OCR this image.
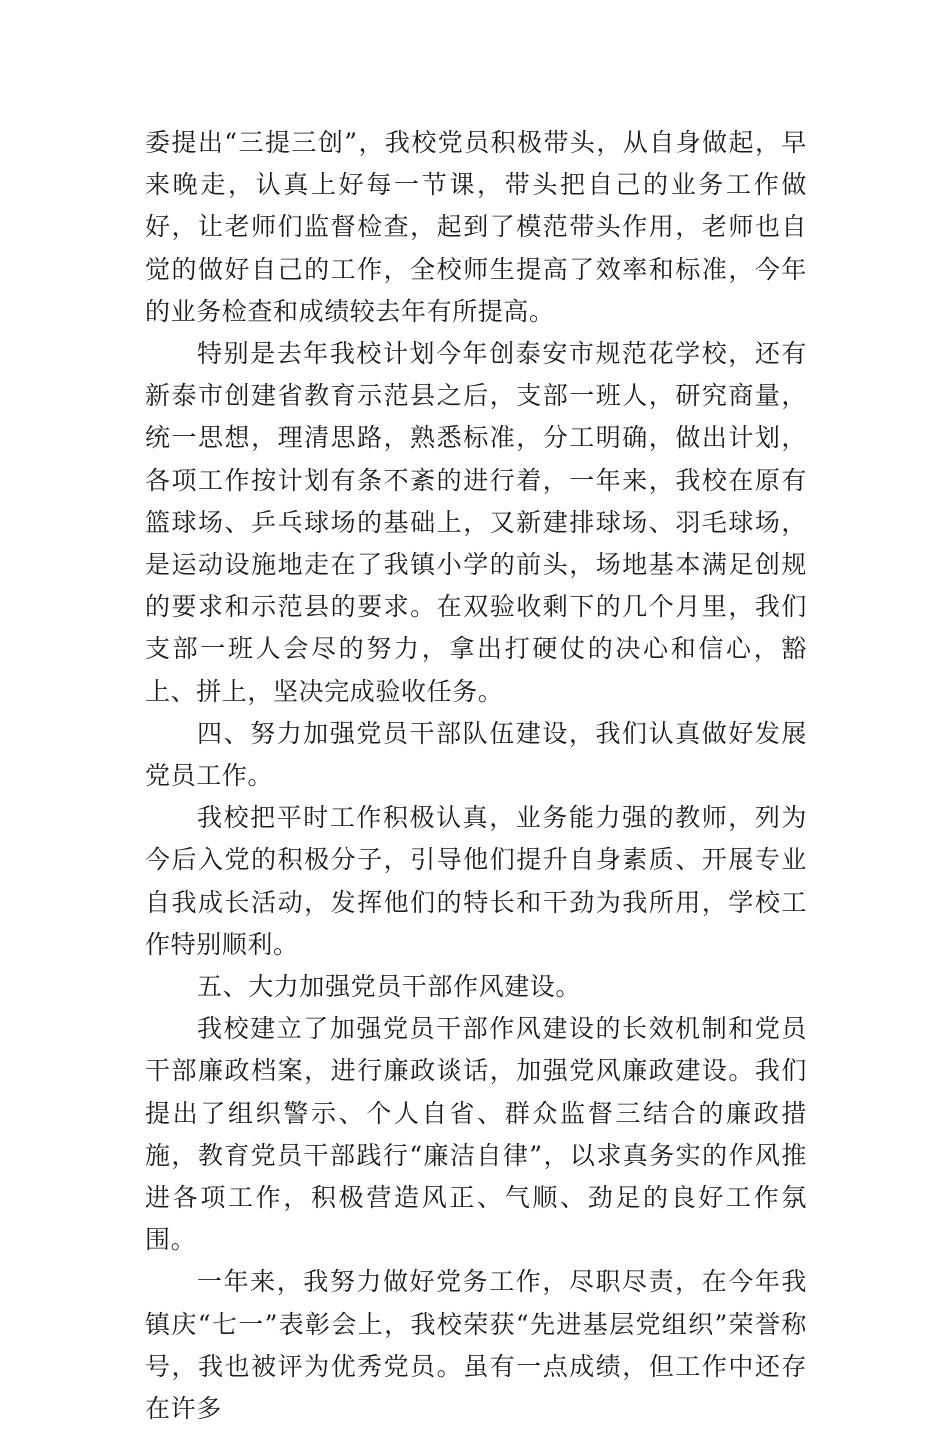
委提出“三提三创”，我校党员积极带头，从自身做起，早来晚走，认真上好每一节课，带头把自己的业务工作做好，让老师们监督检查，起到了模范带头作用，老师也自觉的做好自己的工作，全校师生提高了效率和标准，今年的业务检查和成绩较去年有所提高。

特别是去年我校计划今年创泰安市规范花学校，还有新泰市创建省教育示范县之后，支部一班人，研究商量，统一思想，理清思路，熟悉标准，分工明确，做出计划，各项工作按计划有条不紊的进行着，一年来，我校在原有篮球场、乒乓球场的基础上，又新建排球场、羽毛球场，是运动设施地走在了我镇小学的前头，场地基本满足创规的要求和示范县的要求。在双验收剩下的几个月里，我们支部一班人会尽的努力，拿出打硬仗的决心和信心，豁上、拼上，坚决完成验收任务。

四、努力加强党员干部队伍建设，我们认真做好发展党员工作。

我校把平时工作积极认真，业务能力强的教师，列为今后入党的积极分子，引导他们提升自身素质、开展专业自我成长活动，发挥他们的特长和干劲为我所用，学校工作特别顺利。

五、大力加强党员干部作风建设。

我校建立了加强党员干部作风建设的长效机制和党员干部廉政档案，进行廉政谈话，加强党风廉政建设。我们提出了组织警示、个人自省、群众监督三结合的廉政措施，教育党员干部践行“廉洁自律”，以求真务实的作风推进各项工作，积极营造风正、气顺、劲足的良好工作氛围。

一年来，我努力做好党务工作，尽职尽责，在今年我镇庆“七一”表彰会上，我校荣获“先进基层党组织”荣誉称号，我也被评为优秀党员。虽有一点成绩，但工作中还存在许多
